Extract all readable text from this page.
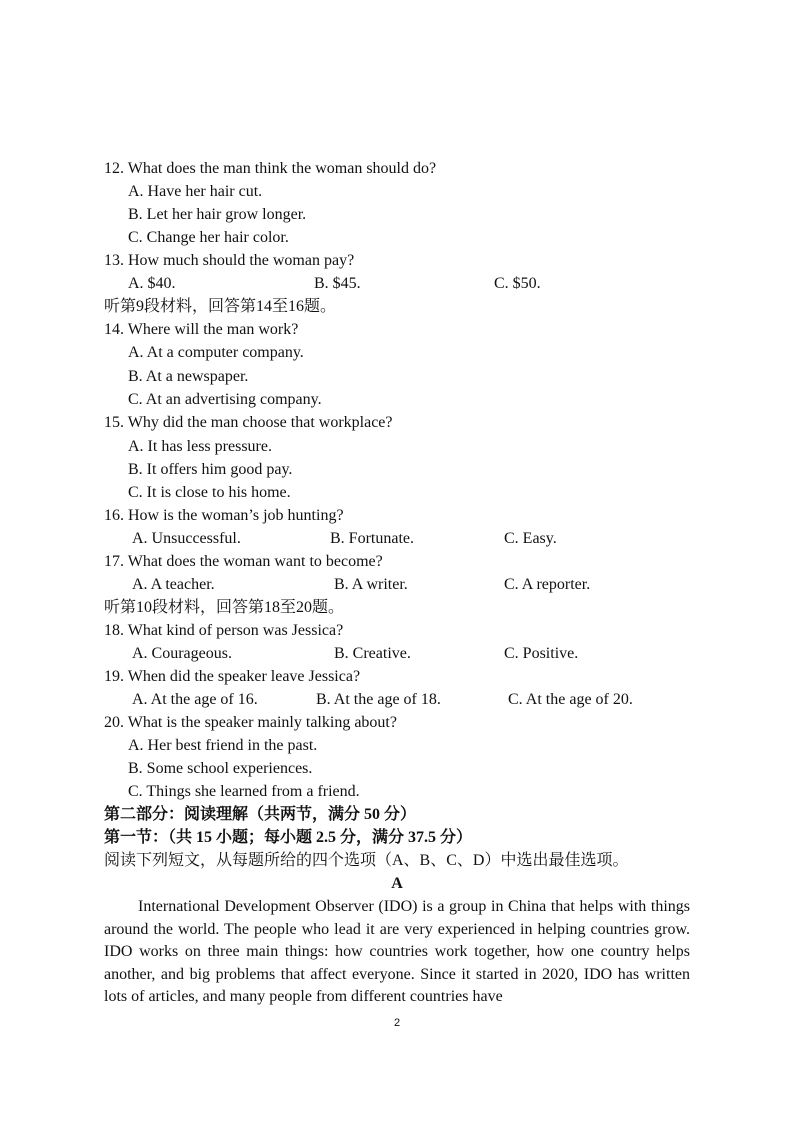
12. What does the man think the woman should do?
A. Have her hair cut.
B. Let her hair grow longer.
C. Change her hair color.
13. How much should the woman pay?
A. $40.	B. $45.	C. $50.
听第9段材料，回答第14至16题。
14. Where will the man work?
A. At a computer company.
B. At a newspaper.
C. At an advertising company.
15. Why did the man choose that workplace?
A. It has less pressure.
B. It offers him good pay.
C. It is close to his home.
16. How is the woman’s job hunting?
A. Unsuccessful.	B. Fortunate.	C. Easy.
17. What does the woman want to become?
A. A teacher.	B. A writer.	C. A reporter.
听第10段材料，回答第18至20题。
18. What kind of person was Jessica?
A. Courageous.	B. Creative.	C. Positive.
19. When did the speaker leave Jessica?
A. At the age of 16.	B. At the age of 18.	C. At the age of 20.
20. What is the speaker mainly talking about?
A. Her best friend in the past.
B. Some school experiences.
C. Things she learned from a friend.
第二部分：阅读理解（共两节，满分 50 分）
第一节：（共 15 小题；每小题 2.5 分，满分 37.5 分）
阅读下列短文，从每题所给的四个选项（A、B、C、D）中选出最佳选项。
A
International Development Observer (IDO) is a group in China that helps with things around the world. The people who lead it are very experienced in helping countries grow. IDO works on three main things: how countries work together, how one country helps another, and big problems that affect everyone. Since it started in 2020, IDO has written lots of articles, and many people from different countries have
2
